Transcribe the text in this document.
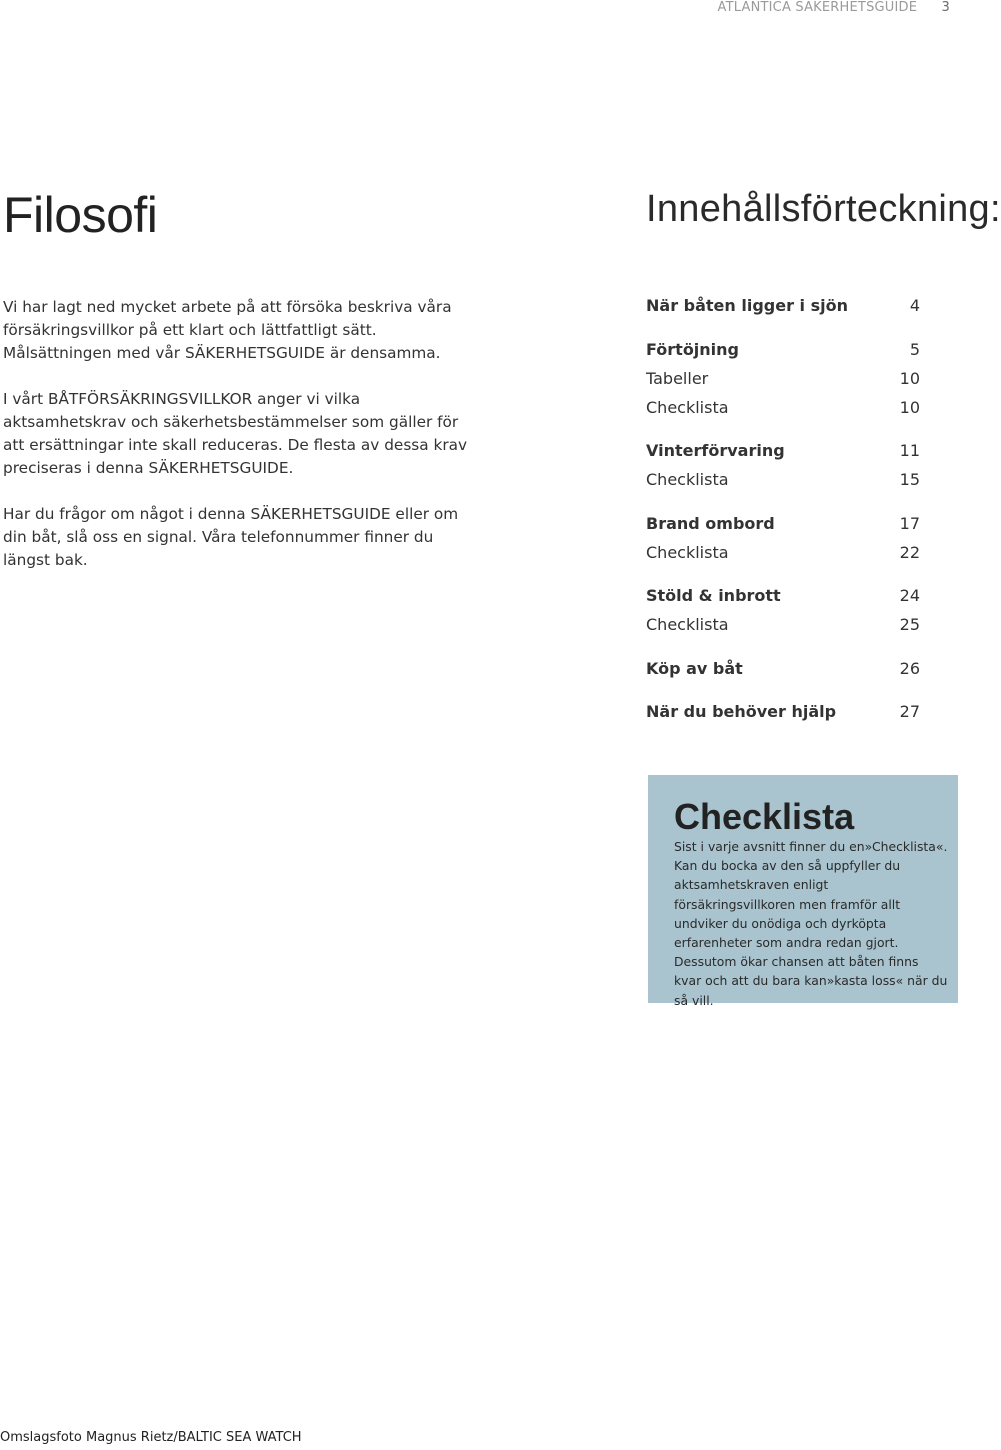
ATLANTICA SÄKERHETSGUIDE 3
Filosofi

Vi har lagt ned mycket arbete på att försöka beskriva våra försäkringsvillkor på ett klart och lättfattligt sätt. Målsättningen med vår SÄKERHETSGUIDE är densamma.

I vårt BÅTFÖRSÄKRINGSVILLKOR anger vi vilka aktsamhetskrav och säkerhetsbestämmelser som gäller för att ersättningar inte skall reduceras. De flesta av dessa krav preciseras i denna SÄKERHETSGUIDE.

Har du frågor om något i denna SÄKERHETSGUIDE eller om din båt, slå oss en signal. Våra telefonnummer finner du längst bak.

Innehållsförteckning:
När båten ligger i sjön	4
Förtöjning	5
Tabeller	10
Checklista	10
Vinterförvaring	11
Checklista	15
Brand ombord	17
Checklista	22
Stöld & inbrott	24
Checklista	25
Köp av båt	26
När du behöver hjälp	27
Checklista

Sist i varje avsnitt finner du en»Checklista«. Kan du bocka av den så uppfyller du aktsamhetskraven enligt försäkringsvillkoren men framför allt undviker du onödiga och dyrköpta erfarenheter som andra redan gjort. Dessutom ökar chansen att båten finns kvar och att du bara kan»kasta loss« när du så vill.

Omslagsfoto Magnus Rietz/BALTIC SEA WATCH
